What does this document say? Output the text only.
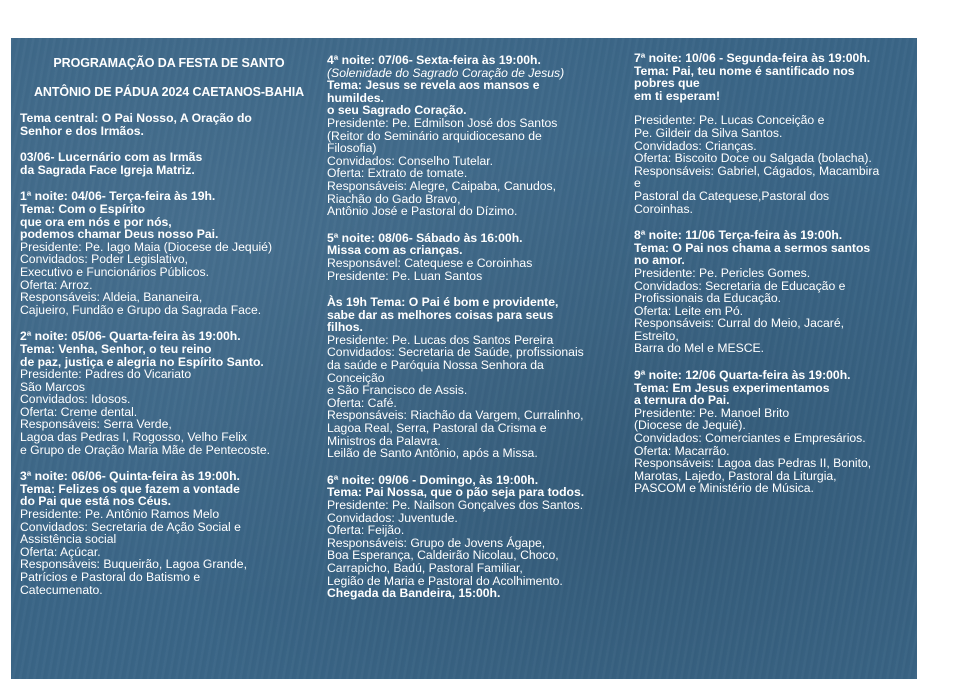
PROGRAMAÇÃO DA FESTA DE SANTO
ANTÔNIO DE PÁDUA 2024 CAETANOS-BAHIA
Tema central: O Pai Nosso, A Oração do
Senhor e dos Irmãos.
03/06- Lucernário com as Irmãs
da Sagrada Face Igreja Matriz.
1ª noite: 04/06- Terça-feira às 19h.
Tema: Com o Espírito
que ora em nós e por nós,
podemos chamar Deus nosso Pai.
Presidente: Pe. Iago Maia (Diocese de Jequié)
Convidados: Poder Legislativo,
Executivo e Funcionários Públicos.
Oferta: Arroz.
Responsáveis: Aldeia, Bananeira,
Cajueiro, Fundão e Grupo da Sagrada Face.
2ª noite: 05/06- Quarta-feira às 19:00h.
Tema: Venha, Senhor, o teu reino
de paz, justiça e alegria no Espírito Santo.
Presidente: Padres do Vicariato
São Marcos
Convidados: Idosos.
Oferta: Creme dental.
Responsáveis: Serra Verde,
Lagoa das Pedras I, Rogosso, Velho Felix
e Grupo de Oração Maria Mãe de Pentecoste.
3ª noite: 06/06- Quinta-feira às 19:00h.
Tema: Felizes os que fazem a vontade
do Pai que está nos Céus.
Presidente: Pe. Antônio Ramos Melo
Convidados: Secretaria de Ação Social e
Assistência social
Oferta: Açúcar.
Responsáveis: Buqueirão, Lagoa Grande,
Patrícios e Pastoral do Batismo e
Catecumenato.
4ª noite: 07/06- Sexta-feira às 19:00h.
(Solenidade do Sagrado Coração de Jesus)
Tema: Jesus se revela aos mansos e
humildes.
o seu Sagrado Coração.
Presidente: Pe. Edmilson José dos Santos
(Reitor do Seminário arquidiocesano de
Filosofia)
Convidados: Conselho Tutelar.
Oferta: Extrato de tomate.
Responsáveis: Alegre, Caipaba, Canudos,
Riachão do Gado Bravo,
Antônio José e Pastoral do Dízimo.
5ª noite: 08/06- Sábado às 16:00h.
Missa com as crianças.
Responsável: Catequese e Coroinhas
Presidente: Pe. Luan Santos
Às 19h Tema: O Pai é bom e providente,
sabe dar as melhores coisas para seus
filhos.
Presidente: Pe. Lucas dos Santos Pereira
Convidados: Secretaria de Saúde, profissionais
da saúde e Paróquia Nossa Senhora da
Conceição
e São Francisco de Assis.
Oferta: Café.
Responsáveis: Riachão da Vargem, Curralinho,
Lagoa Real, Serra, Pastoral da Crisma e
Ministros da Palavra.
Leilão de Santo Antônio, após a Missa.
6ª noite: 09/06 - Domingo, às 19:00h.
Tema: Pai Nossa, que o pão seja para todos.
Presidente: Pe. Nailson Gonçalves dos Santos.
Convidados: Juventude.
Oferta: Feijão.
Responsáveis: Grupo de Jovens Ágape,
Boa Esperança, Caldeirão Nicolau, Choco,
Carrapicho, Badú, Pastoral Familiar,
Legião de Maria e Pastoral do Acolhimento.
Chegada da Bandeira, 15:00h.
7ª noite: 10/06 - Segunda-feira às 19:00h.
Tema: Pai, teu nome é santificado nos
pobres que
em ti esperam!
Presidente: Pe. Lucas Conceição e
Pe. Gildeir da Silva Santos.
Convidados: Crianças.
Oferta: Biscoito Doce ou Salgada (bolacha).
Responsáveis: Gabriel, Cágados, Macambira
e
Pastoral da Catequese,Pastoral dos
Coroinhas.
8ª noite: 11/06 Terça-feira às 19:00h.
Tema: O Pai nos chama a sermos santos
no amor.
Presidente: Pe. Pericles Gomes.
Convidados: Secretaria de Educação e
Profissionais da Educação.
Oferta: Leite em Pó.
Responsáveis: Curral do Meio, Jacaré,
Estreito,
Barra do Mel e MESCE.
9ª noite: 12/06 Quarta-feira às 19:00h.
Tema: Em Jesus experimentamos
a ternura do Pai.
Presidente: Pe. Manoel Brito
(Diocese de Jequié).
Convidados: Comerciantes e Empresários.
Oferta: Macarrão.
Responsáveis: Lagoa das Pedras II, Bonito,
Marotas, Lajedo, Pastoral da Liturgia,
PASCOM e Ministério de Música.
